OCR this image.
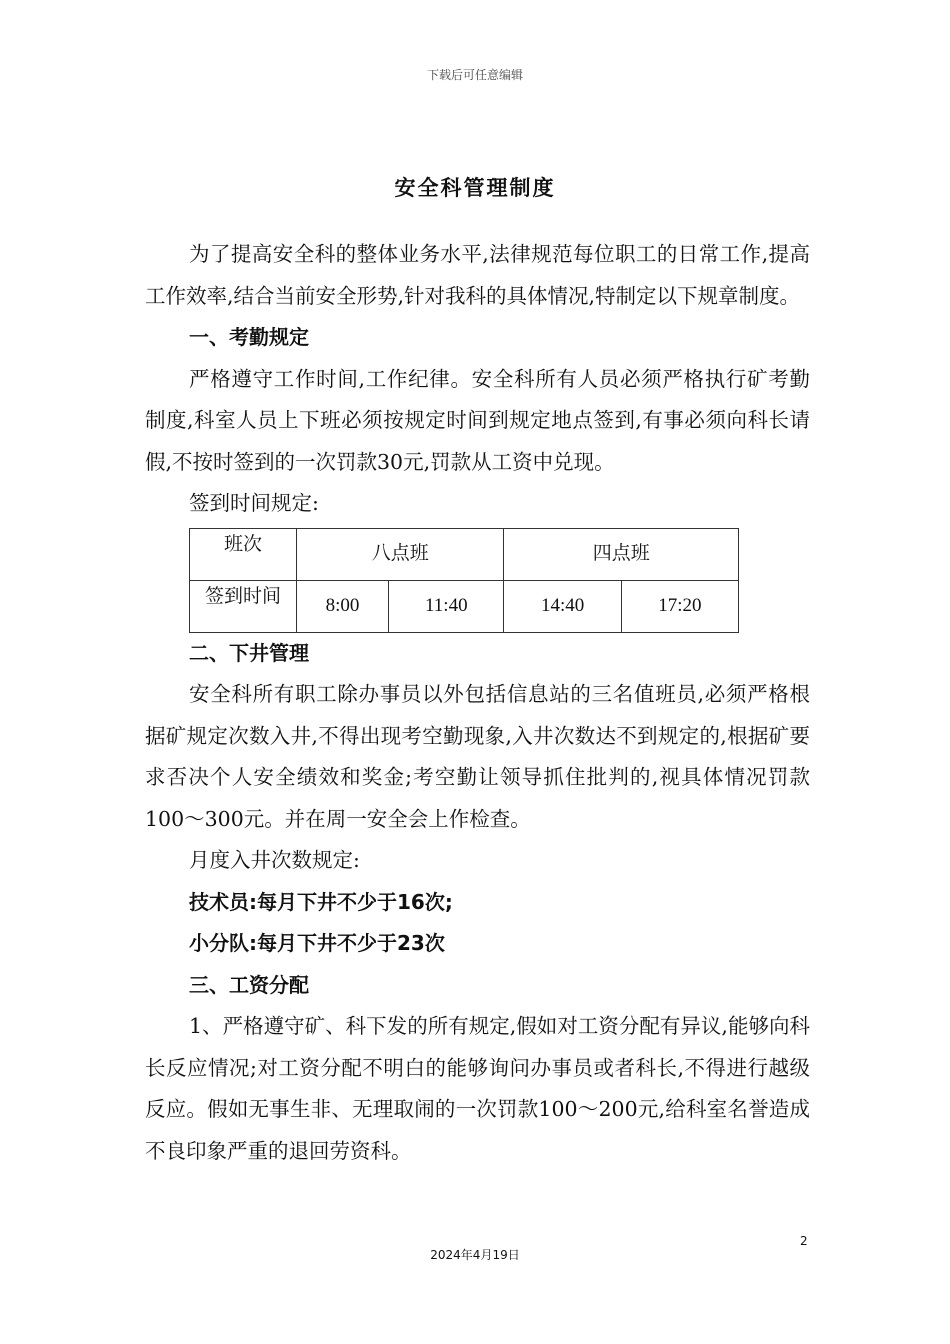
下载后可任意编辑
安全科管理制度

为了提高安全科的整体业务水平,法律规范每位职工的日常工作,提高工作效率,结合当前安全形势,针对我科的具体情况,特制定以下规章制度。

一、考勤规定

严格遵守工作时间,工作纪律。安全科所有人员必须严格执行矿考勤制度,科室人员上下班必须按规定时间到规定地点签到,有事必须向科长请假,不按时签到的一次罚款30元,罚款从工资中兑现。

签到时间规定:

班次	八点班		四点班	
签到时间	8:00	11:40	14:40	17:20

二、下井管理

安全科所有职工除办事员以外包括信息站的三名值班员,必须严格根据矿规定次数入井,不得出现考空勤现象,入井次数达不到规定的,根据矿要求否决个人安全绩效和奖金;考空勤让领导抓住批判的,视具体情况罚款100～300元。并在周一安全会上作检查。

月度入井次数规定:

技术员:每月下井不少于16次;

小分队:每月下井不少于23次

三、工资分配

1、严格遵守矿、科下发的所有规定,假如对工资分配有异议,能够向科长反应情况;对工资分配不明白的能够询问办事员或者科长,不得进行越级反应。假如无事生非、无理取闹的一次罚款100～200元,给科室名誉造成不良印象严重的退回劳资科。

2
2024年4月19日
